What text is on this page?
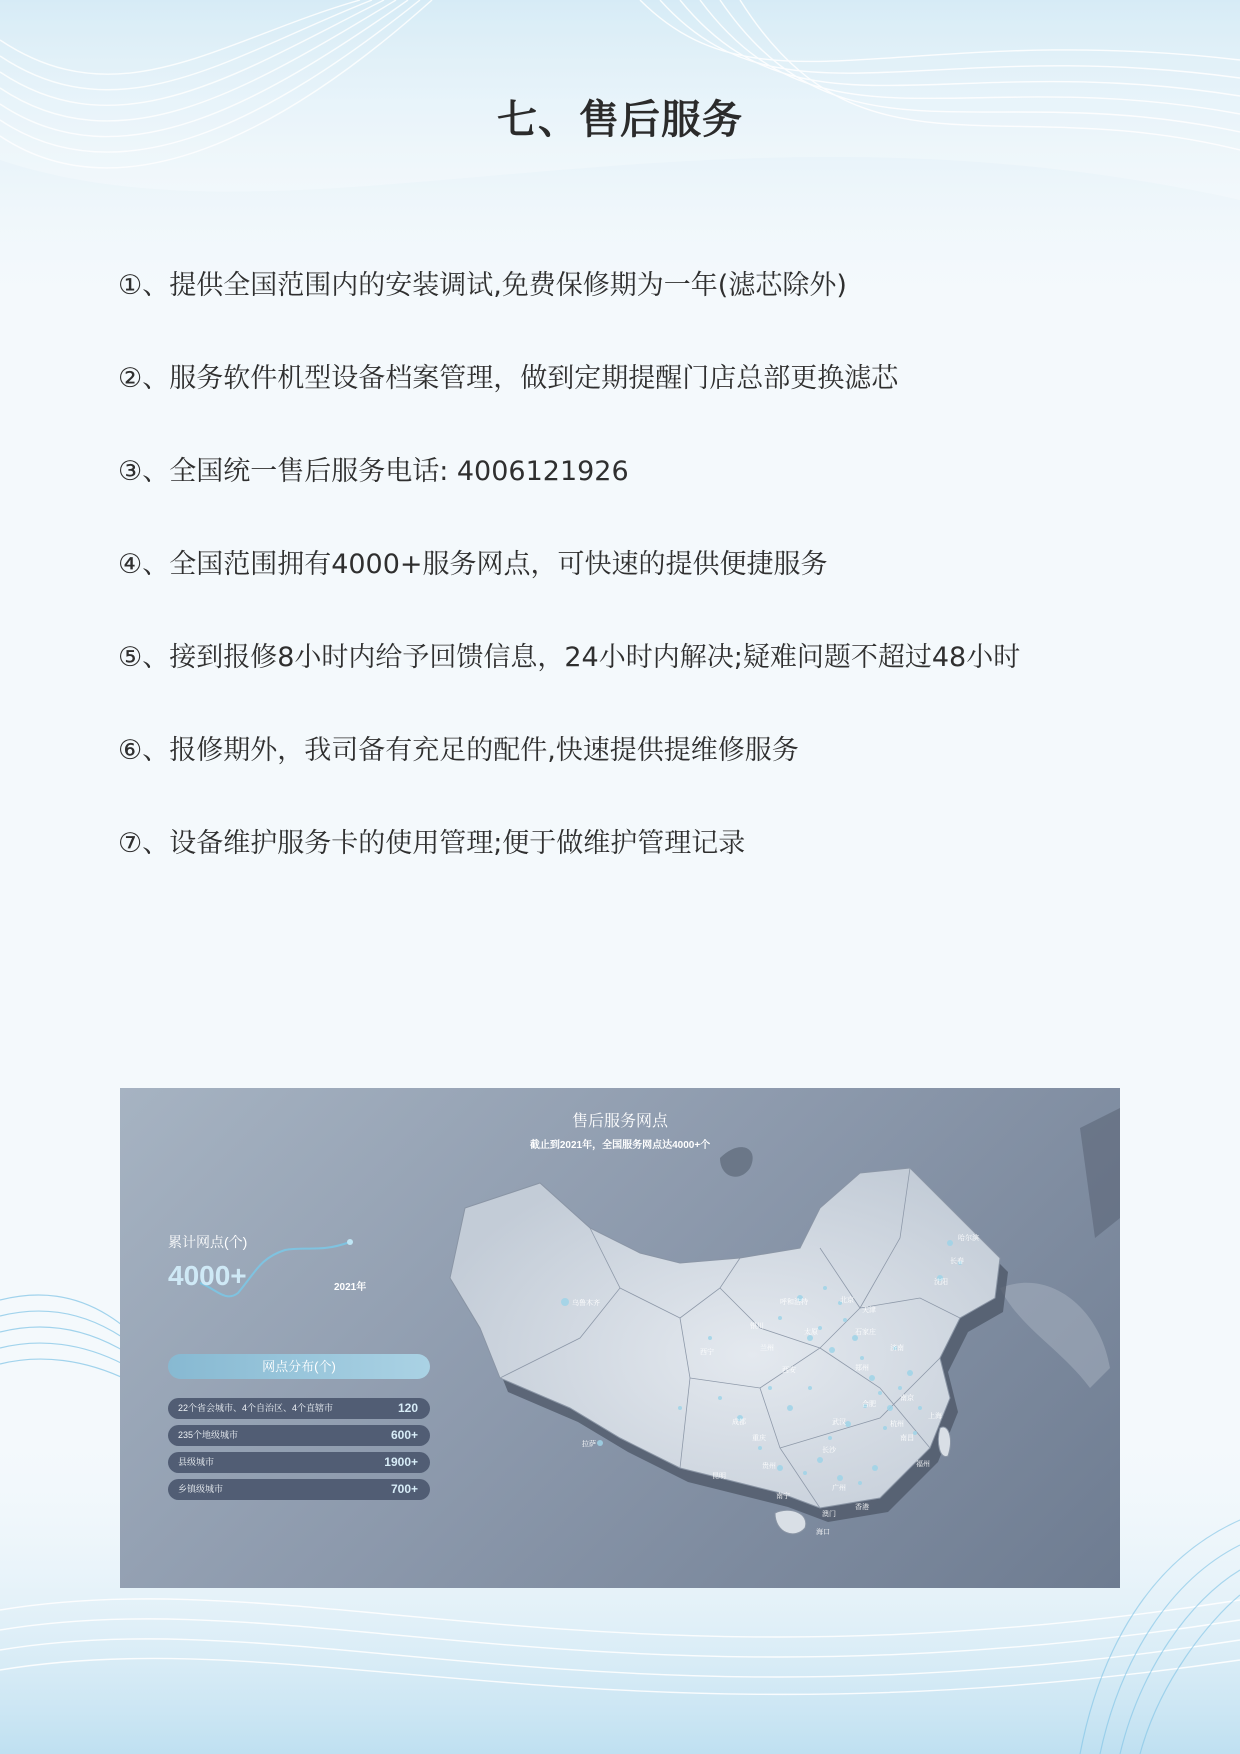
七、售后服务
①、提供全国范围内的安装调试,免费保修期为一年(滤芯除外)
②、服务软件机型设备档案管理，做到定期提醒门店总部更换滤芯
③、全国统一售后服务电话: 4006121926
④、全国范围拥有4000+服务网点，可快速的提供便捷服务
⑤、接到报修8小时内给予回馈信息，24小时内解决;疑难问题不超过48小时
⑥、报修期外，我司备有充足的配件,快速提供提维修服务
⑦、设备维护服务卡的使用管理;便于做维护管理记录
哈尔滨
长春
沈阳
乌鲁木齐	呼和浩特	北京
天津
银川
太原	石家庄
济南
西宁	兰州
郑州
西安
合肥
南京
上海
拉萨
成都	武汉	杭州
重庆	南昌
长沙
贵州	福州
昆明
南宁
广州
澳门
香港
海口
售后服务网点
截止到2021年，全国服务网点达4000+个
累计网点(个)
4000+	2021年
网点分布(个)
22个省会城市、4个自治区、4个直辖市	120
235个地级城市	600+
县级城市	1900+
乡镇级城市	700+
